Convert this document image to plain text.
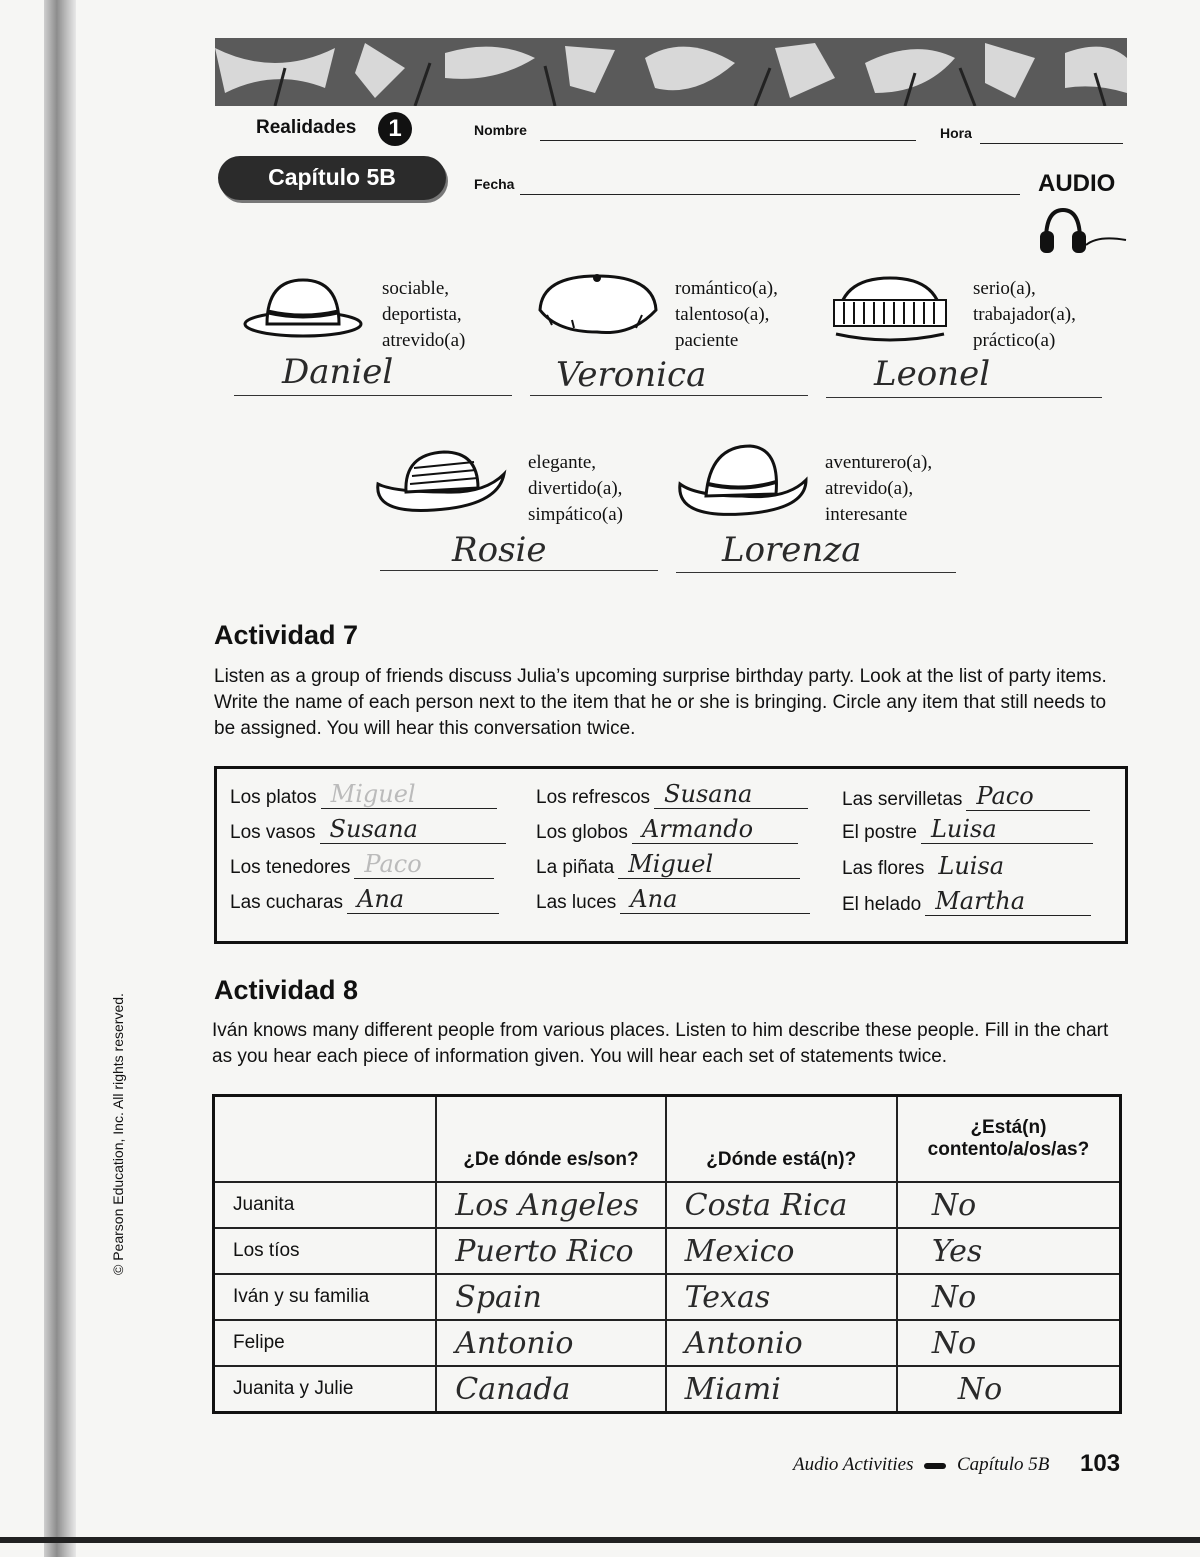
Realidades	1
Capítulo 5B
Nombre	Hora
Fecha	AUDIO
sociable,
deportista,
atrevido(a)
Daniel
romántico(a),
talentoso(a),
paciente
Veronica
serio(a),
trabajador(a),
práctico(a)
Leonel
elegante,
divertido(a),
simpático(a)
Rosie
aventurero(a),
atrevido(a),
interesante
Lorenza
Actividad 7
Listen as a group of friends discuss Julia’s upcoming surprise birthday party. Look at the list of party items. Write the name of each person next to the item that he or she is bringing. Circle any item that still needs to be assigned. You will hear this conversation twice.
Los platos Miguel
Los vasos Susana
Los tenedores Paco
Las cucharas Ana
Los refrescos Susana
Los globos Armando
La piñata Miguel
Las luces Ana
Las servilletas Paco
El postre Luisa
Las flores Luisa
El helado Martha
Actividad 8
Iván knows many different people from various places. Listen to him describe these people. Fill in the chart as you hear each piece of information given. You will hear each set of statements twice.
	¿De dónde es/son?	¿Dónde está(n)?	¿Está(n) contento/a/os/as?
Juanita	Los Angeles	Costa Rica	No
Los tíos	Puerto Rico	Mexico	Yes
Iván y su familia	Spain	Texas	No
Felipe	Antonio	Antonio	No
Juanita y Julie	Canada	Miami	No
© Pearson Education, Inc. All rights reserved.
Audio Activities Capítulo 5B 103
